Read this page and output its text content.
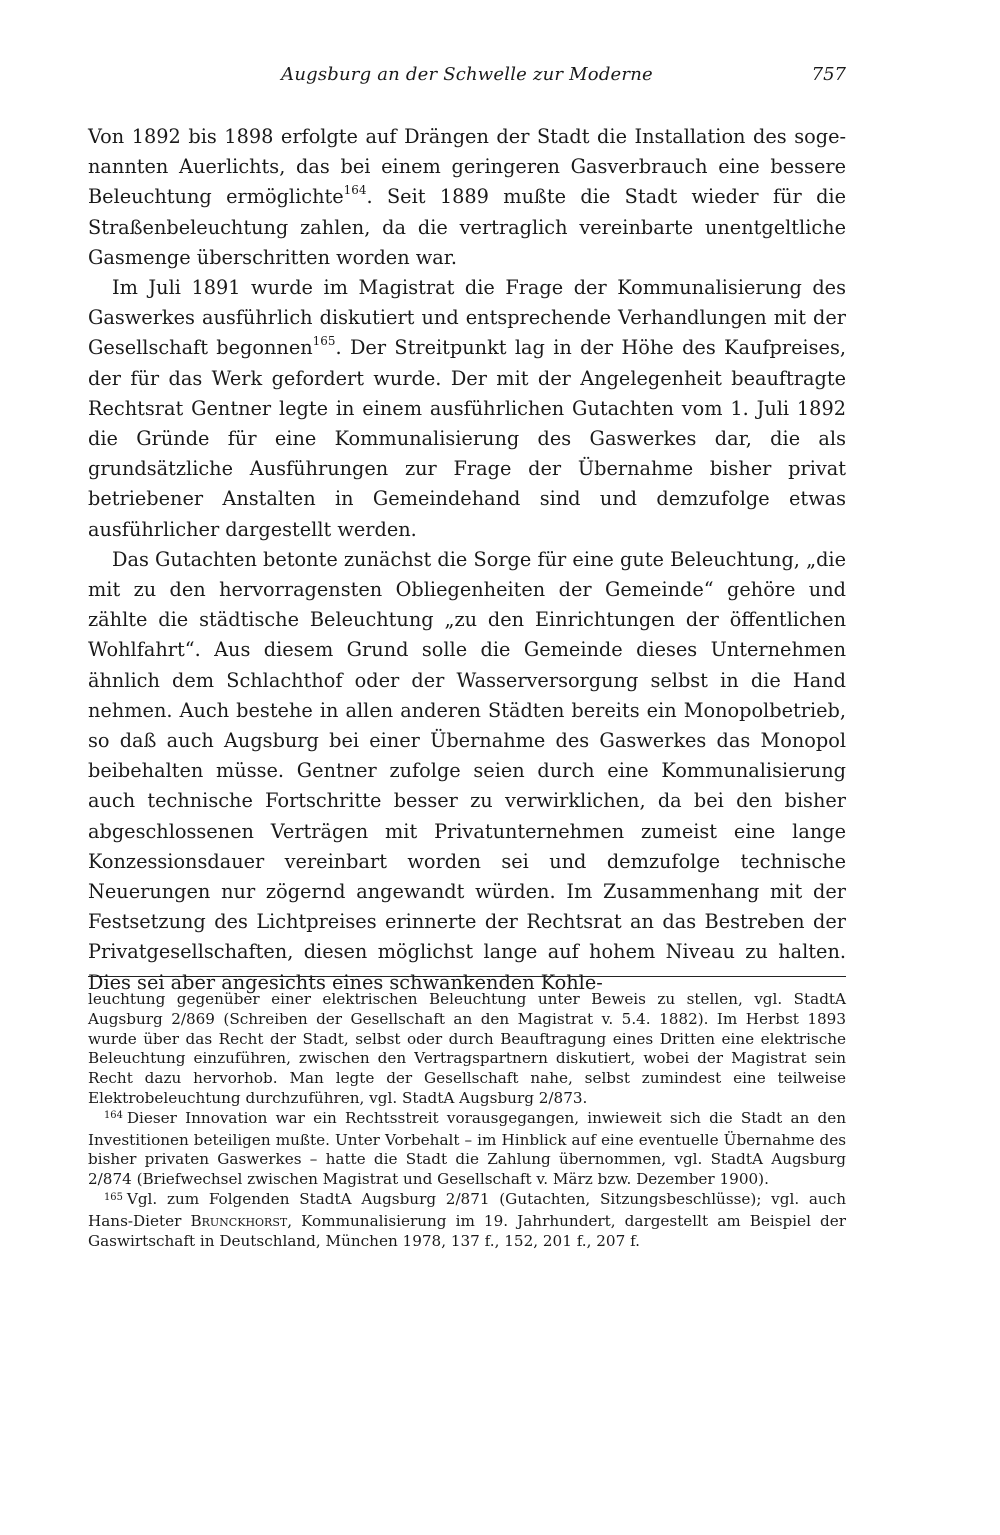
Augsburg an der Schwelle zur Moderne	757

Von 1892 bis 1898 erfolgte auf Drängen der Stadt die Installation des sogenannten Auerlichts, das bei einem geringeren Gasverbrauch eine bessere Beleuchtung ermöglichte$^{164}$. Seit 1889 mußte die Stadt wieder für die Straßenbeleuchtung zahlen, da die vertraglich vereinbarte unentgeltliche Gasmenge überschritten worden war.

Im Juli 1891 wurde im Magistrat die Frage der Kommunalisierung des Gaswerkes ausführlich diskutiert und entsprechende Verhandlungen mit der Gesellschaft begonnen$^{165}$. Der Streitpunkt lag in der Höhe des Kaufpreises, der für das Werk gefordert wurde. Der mit der Angelegenheit beauftragte Rechtsrat Gentner legte in einem ausführlichen Gutachten vom 1. Juli 1892 die Gründe für eine Kommunalisierung des Gaswerkes dar, die als grundsätzliche Ausführungen zur Frage der Übernahme bisher privat betriebener Anstalten in Gemeindehand sind und demzufolge etwas ausführlicher dargestellt werden.

Das Gutachten betonte zunächst die Sorge für eine gute Beleuchtung, „die mit zu den hervorragensten Obliegenheiten der Gemeinde“ gehöre und zählte die städtische Beleuchtung „zu den Einrichtungen der öffentlichen Wohlfahrt“. Aus diesem Grund solle die Gemeinde dieses Unternehmen ähnlich dem Schlachthof oder der Wasserversorgung selbst in die Hand nehmen. Auch bestehe in allen anderen Städten bereits ein Monopolbetrieb, so daß auch Augsburg bei einer Übernahme des Gaswerkes das Monopol beibehalten müsse. Gentner zufolge seien durch eine Kommunalisierung auch technische Fortschritte besser zu verwirklichen, da bei den bisher abgeschlossenen Verträgen mit Privatunternehmen zumeist eine lange Konzessionsdauer vereinbart worden sei und demzufolge technische Neuerungen nur zögernd angewandt würden. Im Zusammenhang mit der Festsetzung des Lichtpreises erinnerte der Rechtsrat an das Bestreben der Privatgesellschaften, diesen möglichst lange auf hohem Niveau zu halten. Dies sei aber angesichts eines schwankenden Kohle-

leuchtung gegenüber einer elektrischen Beleuchtung unter Beweis zu stellen, vgl. StadtA Augsburg 2/869 (Schreiben der Gesellschaft an den Magistrat v. 5.4. 1882). Im Herbst 1893 wurde über das Recht der Stadt, selbst oder durch Beauftragung eines Dritten eine elektrische Beleuchtung einzuführen, zwischen den Vertragspartnern diskutiert, wobei der Magistrat sein Recht dazu hervorhob. Man legte der Gesellschaft nahe, selbst zumindest eine teilweise Elektrobeleuchtung durchzuführen, vgl. StadtA Augsburg 2/873.

$^{164}$ Dieser Innovation war ein Rechtsstreit vorausgegangen, inwieweit sich die Stadt an den Investitionen beteiligen mußte. Unter Vorbehalt – im Hinblick auf eine eventuelle Übernahme des bisher privaten Gaswerkes – hatte die Stadt die Zahlung übernommen, vgl. StadtA Augsburg 2/874 (Briefwechsel zwischen Magistrat und Gesellschaft v. März bzw. Dezember 1900).

$^{165}$ Vgl. zum Folgenden StadtA Augsburg 2/871 (Gutachten, Sitzungsbeschlüsse); vgl. auch Hans-Dieter Brunckhorst, Kommunalisierung im 19. Jahrhundert, dargestellt am Beispiel der Gaswirtschaft in Deutschland, München 1978, 137 f., 152, 201 f., 207 f.
